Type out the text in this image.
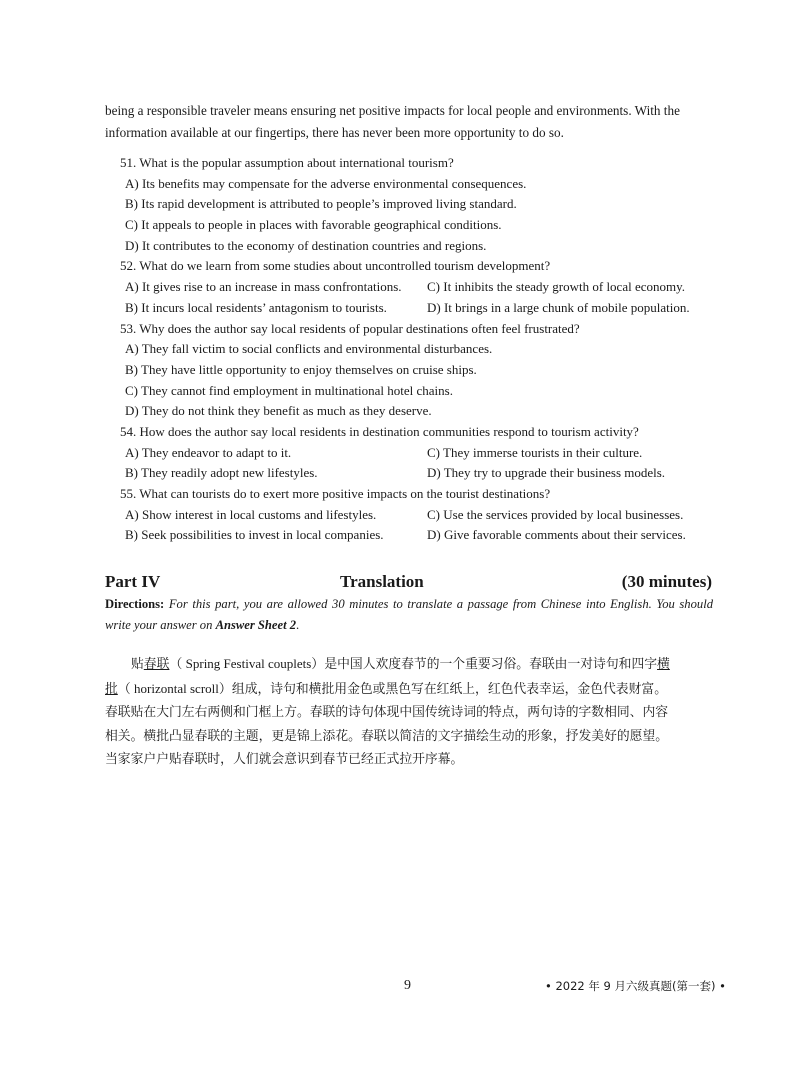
being a responsible traveler means ensuring net positive impacts for local people and environments. With the
information available at our fingertips, there has never been more opportunity to do so.
51. What is the popular assumption about international tourism?
A) Its benefits may compensate for the adverse environmental consequences.
B) Its rapid development is attributed to people’s improved living standard.
C) It appeals to people in places with favorable geographical conditions.
D) It contributes to the economy of destination countries and regions.
52. What do we learn from some studies about uncontrolled tourism development?
A) It gives rise to an increase in mass confrontations.	C) It inhibits the steady growth of local economy.
B) It incurs local residents’ antagonism to tourists.	D) It brings in a large chunk of mobile population.
53. Why does the author say local residents of popular destinations often feel frustrated?
A) They fall victim to social conflicts and environmental disturbances.
B) They have little opportunity to enjoy themselves on cruise ships.
C) They cannot find employment in multinational hotel chains.
D) They do not think they benefit as much as they deserve.
54. How does the author say local residents in destination communities respond to tourism activity?
A) They endeavor to adapt to it.	C) They immerse tourists in their culture.
B) They readily adopt new lifestyles.	D) They try to upgrade their business models.
55. What can tourists do to exert more positive impacts on the tourist destinations?
A) Show interest in local customs and lifestyles.	C) Use the services provided by local businesses.
B) Seek possibilities to invest in local companies.	D) Give favorable comments about their services.
Part IV	Translation	(30 minutes)
Directions: For this part, you are allowed 30 minutes to translate a passage from Chinese into English. You should write your answer on Answer Sheet 2.
贴春联（ Spring Festival couplets）是中国人欢度春节的一个重要习俗。春联由一对诗句和四字横
批（ horizontal scroll）组成，诗句和横批用金色或黑色写在红纸上，红色代表幸运，金色代表财富。
春联贴在大门左右两侧和门框上方。春联的诗句体现中国传统诗词的特点，两句诗的字数相同、内容
相关。横批凸显春联的主题，更是锦上添花。春联以简洁的文字描绘生动的形象，抒发美好的愿望。
当家家户户贴春联时，人们就会意识到春节已经正式拉开序幕。
9	• 2022 年 9 月六级真题(第一套) •
